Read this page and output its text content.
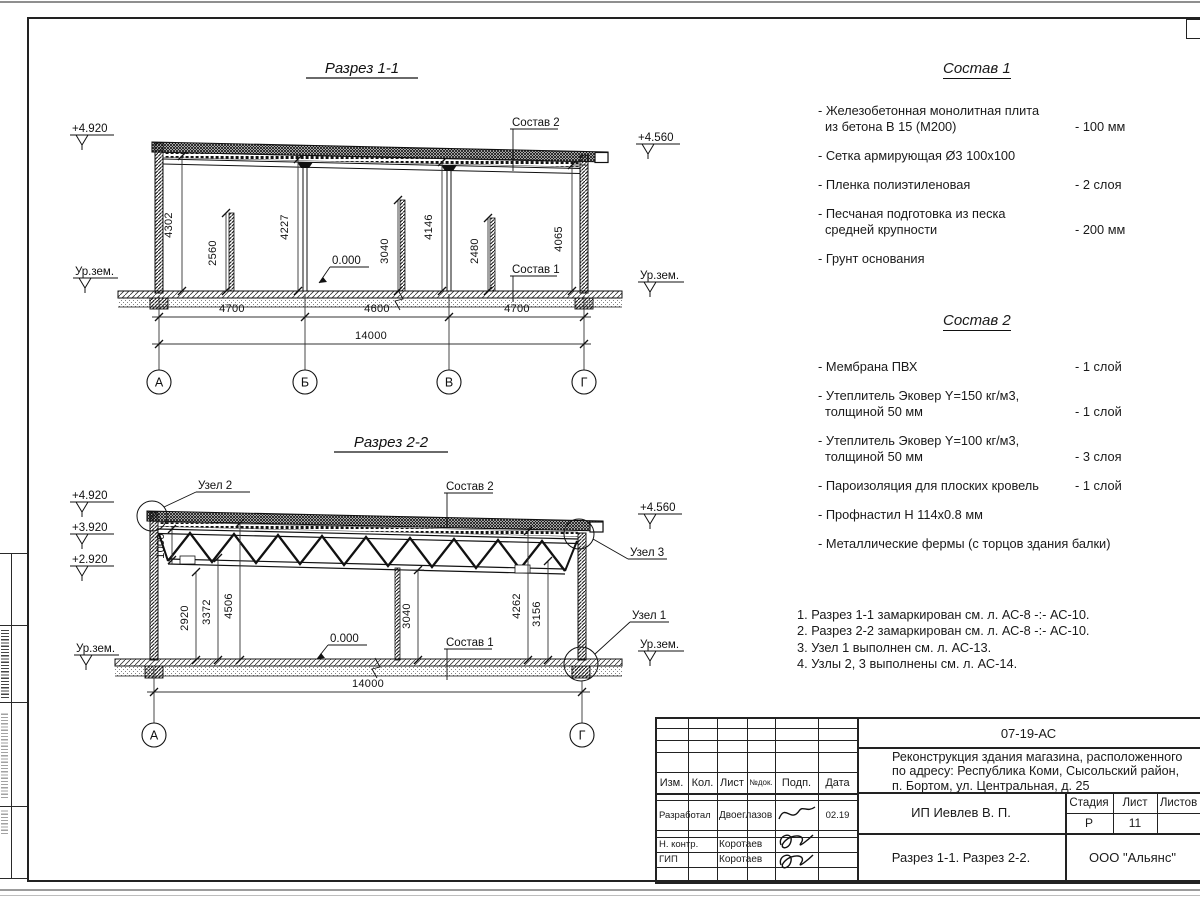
Разрез 1-1
4302
2560
4227
3040
4146
2480	4065
+4.920
Ур.зем.
+4.560
Ур.зем.
Состав 2
Состав 1
0.000
4700	4600	4700
14000
А	Б	В	Г
Разрез 2-2
1000
2920 3372 4506	3040	4262 3156
+4.920
+3.920
+2.920
Ур.зем.
+4.560
Ур.зем.
Узел 2	Состав 2
Узел 3
Узел 1
Состав 1
0.000
14000
А	Г
Состав 1
- Железобетонная монолитная плита
из бетона В 15 (М200)	- 100 мм
- Сетка армирующая Ø3 100х100
- Пленка полиэтиленовая	- 2 слоя
- Песчаная подготовка из песка
средней крупности	- 200 мм
- Грунт основания
Состав 2
- Мембрана ПВХ	- 1 слой
- Утеплитель Эковер Y=150 кг/м3,
толщиной 50 мм	- 1 слой
- Утеплитель Эковер Y=100 кг/м3,
толщиной 50 мм	- 3 слоя
- Пароизоляция для плоских кровель	- 1 слой
- Профнастил Н 114х0.8 мм
- Металлические фермы (с торцов здания балки)
1. Разрез 1-1 замаркирован см. л. АС-8 -:- АС-10.
2. Разрез 2-2 замаркирован см. л. АС-8 -:- АС-10.
3. Узел 1 выполнен см. л. АС-13.
4. Узлы 2, 3 выполнены см. л. АС-14.
Изм. Кол. Лист №док. Подп.	Дата
Разработал Двоеглазов	02.19
Н. контр.	Коротаев
ГИП	Коротаев
07-19-АС
Реконструкция здания магазина, расположенного
по адресу: Республика Коми, Сысольский район,
п. Бортом, ул. Центральная, д. 25
ИП Иевлев В. П.
Стадия	Лист	Листов
Р	11
Разрез 1-1. Разрез 2-2.	ООО "Альянс"
